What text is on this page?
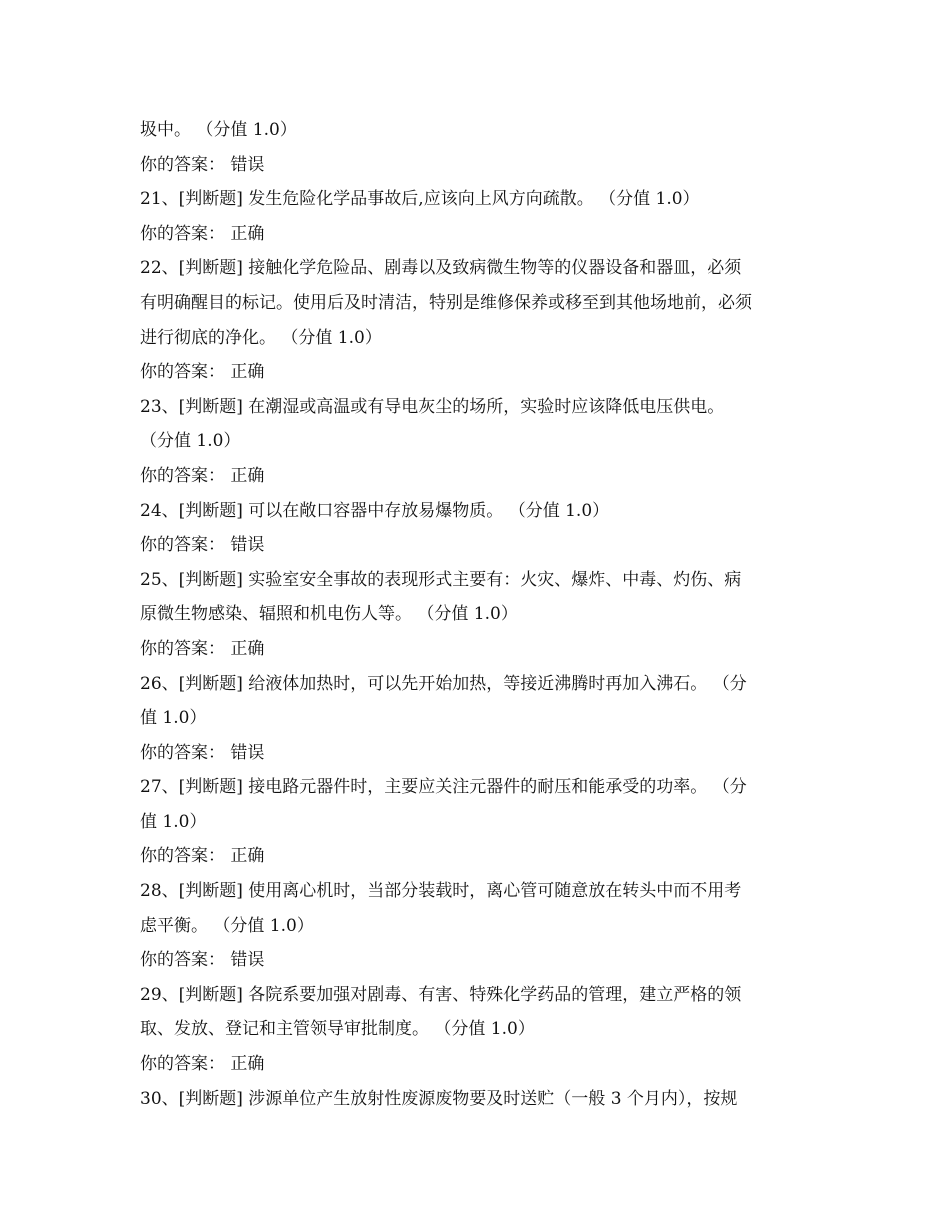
圾中。 （分值 1.0）
你的答案： 错误
21、[判断题] 发生危险化学品事故后,应该向上风方向疏散。 （分值 1.0）
你的答案： 正确
22、[判断题] 接触化学危险品、剧毒以及致病微生物等的仪器设备和器皿，必须
有明确醒目的标记。使用后及时清洁，特别是维修保养或移至到其他场地前，必须
进行彻底的净化。 （分值 1.0）
你的答案： 正确
23、[判断题] 在潮湿或高温或有导电灰尘的场所，实验时应该降低电压供电。
（分值 1.0）
你的答案： 正确
24、[判断题] 可以在敞口容器中存放易爆物质。 （分值 1.0）
你的答案： 错误
25、[判断题] 实验室安全事故的表现形式主要有：火灾、爆炸、中毒、灼伤、病
原微生物感染、辐照和机电伤人等。 （分值 1.0）
你的答案： 正确
26、[判断题] 给液体加热时，可以先开始加热，等接近沸腾时再加入沸石。 （分
值 1.0）
你的答案： 错误
27、[判断题] 接电路元器件时，主要应关注元器件的耐压和能承受的功率。 （分
值 1.0）
你的答案： 正确
28、[判断题] 使用离心机时，当部分装载时，离心管可随意放在转头中而不用考
虑平衡。 （分值 1.0）
你的答案： 错误
29、[判断题] 各院系要加强对剧毒、有害、特殊化学药品的管理，建立严格的领
取、发放、登记和主管领导审批制度。 （分值 1.0）
你的答案： 正确
30、[判断题] 涉源单位产生放射性废源废物要及时送贮（一般 3 个月内），按规
